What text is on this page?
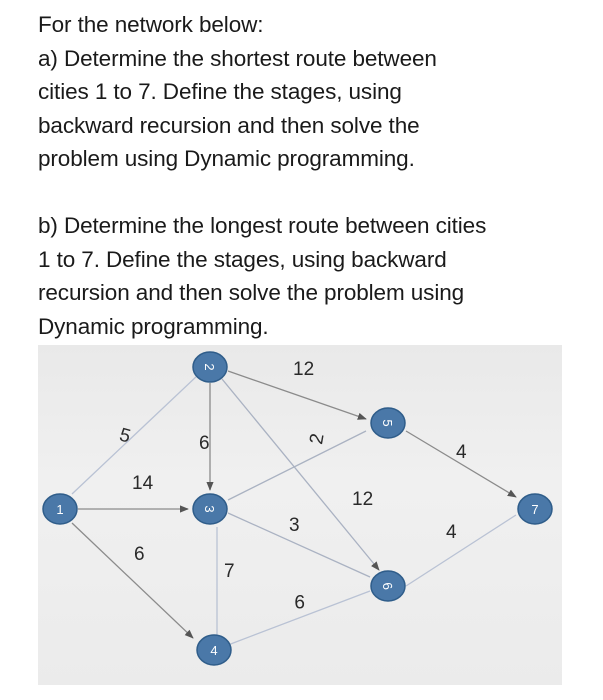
For the network below:

a) Determine the shortest route between

cities 1 to 7. Define the stages, using

backward recursion and then solve the

problem using Dynamic programming.

b) Determine the longest route between cities

1 to 7. Define the stages, using backward

recursion and then solve the problem using

Dynamic programming.

5
14
6
6
12
3
7
2
9
4
4
12
1
2
3
4
5
6
7
